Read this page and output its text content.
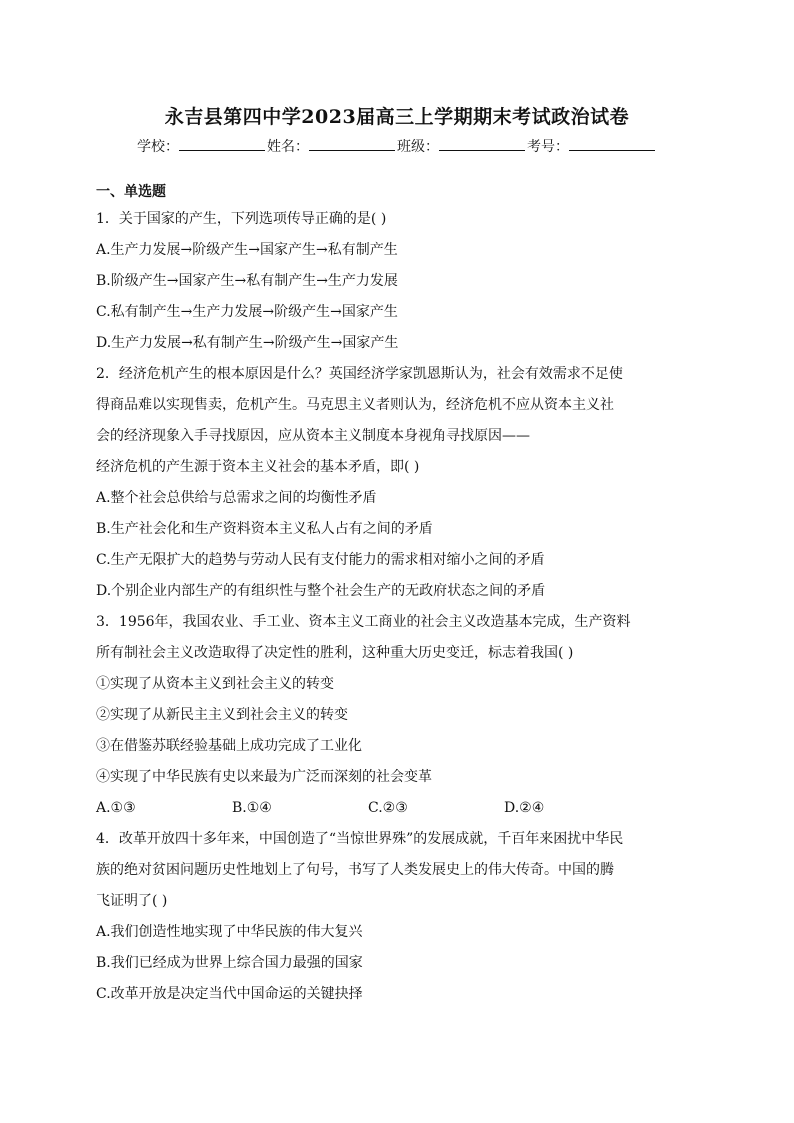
永吉县第四中学2023届高三上学期期末考试政治试卷
学校：	姓名：	班级：	考号：
一、单选题
1．关于国家的产生，下列选项传导正确的是( )
A.生产力发展→阶级产生→国家产生→私有制产生
B.阶级产生→国家产生→私有制产生→生产力发展
C.私有制产生→生产力发展→阶级产生→国家产生
D.生产力发展→私有制产生→阶级产生→国家产生
2．经济危机产生的根本原因是什么？英国经济学家凯恩斯认为，社会有效需求不足使
得商品难以实现售卖，危机产生。马克思主义者则认为，经济危机不应从资本主义社
会的经济现象入手寻找原因，应从资本主义制度本身视角寻找原因——
经济危机的产生源于资本主义社会的基本矛盾，即( )
A.整个社会总供给与总需求之间的均衡性矛盾
B.生产社会化和生产资料资本主义私人占有之间的矛盾
C.生产无限扩大的趋势与劳动人民有支付能力的需求相对缩小之间的矛盾
D.个别企业内部生产的有组织性与整个社会生产的无政府状态之间的矛盾
3．1956年，我国农业、手工业、资本主义工商业的社会主义改造基本完成，生产资料
所有制社会主义改造取得了决定性的胜利，这种重大历史变迁，标志着我国( )
①实现了从资本主义到社会主义的转变
②实现了从新民主主义到社会主义的转变
③在借鉴苏联经验基础上成功完成了工业化
④实现了中华民族有史以来最为广泛而深刻的社会变革
A.①③	B.①④	C.②③	D.②④
4．改革开放四十多年来，中国创造了“当惊世界殊”的发展成就，千百年来困扰中华民
族的绝对贫困问题历史性地划上了句号，书写了人类发展史上的伟大传奇。中国的腾
飞证明了( )
A.我们创造性地实现了中华民族的伟大复兴
B.我们已经成为世界上综合国力最强的国家
C.改革开放是决定当代中国命运的关键抉择
